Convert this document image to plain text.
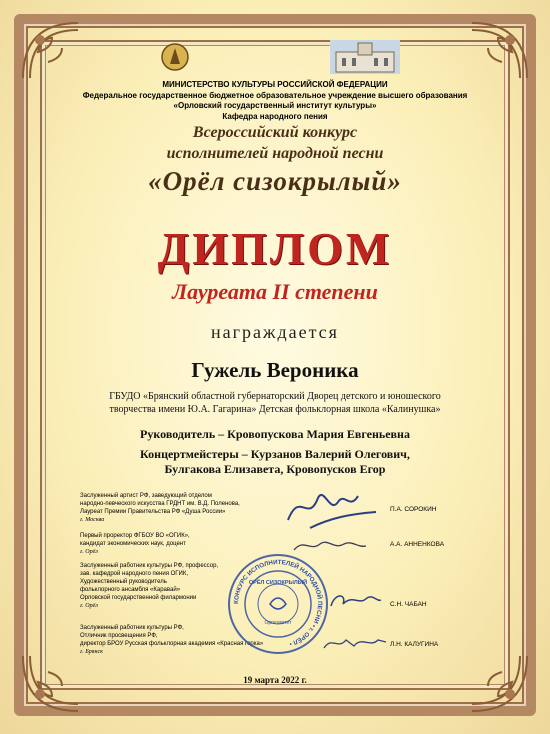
МИНИСТЕРСТВО КУЛЬТУРЫ РОССИЙСКОЙ ФЕДЕРАЦИИ
Федеральное государственное бюджетное образовательное учреждение высшего образования
«Орловский государственный институт культуры»
Кафедра народного пения
Всероссийский конкурс
исполнителей народной песни
«Орёл сизокрылый»
ДИПЛОМ
Лауреата II степени
награждается
Гужель Вероника
ГБУДО «Брянский областной губернаторский Дворец детского и юношеского
творчества имени Ю.А. Гагарина» Детская фольклорная школа «Калинушка»
Руководитель – Кровопускова Мария Евгеньевна
Концертмейстеры – Курзанов Валерий Олегович,
Булгакова Елизавета, Кровопусков Егор
Заслуженный артист РФ, заведующий отделом
народно-певческого искусства ГРДНТ им. В.Д. Поленова,
Лауреат Премии Правительства РФ «Душа России»
г. Москва
П.А. СОРОКИН
Первый проректор ФГБОУ ВО «ОГИК»,
кандидат экономических наук, доцент
г. Орёл
А.А. АННЕНКОВА
Заслуженный работник культуры РФ, профессор,
зав. кафедрой народного пения ОГИК,
Художественный руководитель
фольклорного ансамбля «Каравай»
Орловской государственной филармонии
г. Орёл	С.Н. ЧАБАН
Заслуженный работник культуры РФ,
Отличник просвещения РФ,
директор БРОУ Русская фольклорная академия «Красная горка»
г. Брянск
Л.Н. КАЛУГИНА
КОНКУРС ИСПОЛНИТЕЛЕЙ НАРОДНОЙ ПЕСНИ • г. ОРЁЛ •
ОРЁЛ СИЗОКРЫЛЫЙ
Оргкомитет
19 марта 2022 г.
